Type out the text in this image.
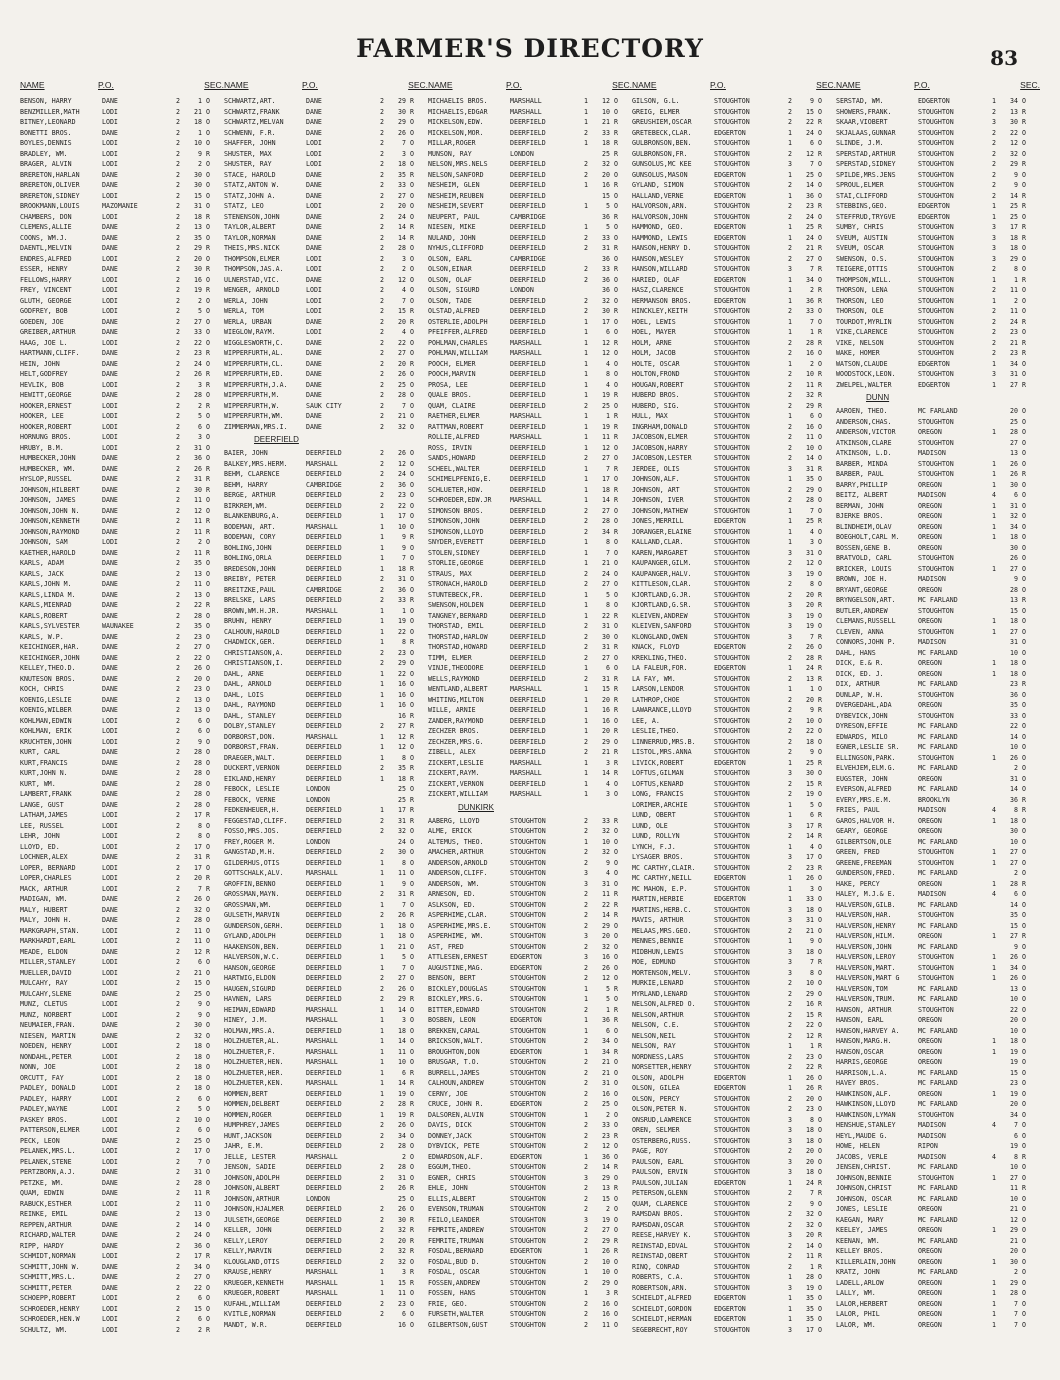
FARMER'S DIRECTORY	83
NAME	P.O.	SEC.
BENSON, HARRY	DANE	2	1 O
BENZMILLER,MATH	LODI	2	21 O
BITNEY,LEONARD	LODI	2	18 O
BONETTI BROS.	DANE	2	1 O
BOYLES,DENNIS	LODI	2	10 O
BRADLEY, WM.	LODI	2	9 R
BRAGER, ALVIN	LODI	2	2 O
BRERETON,HARLAN	DANE	2	30 O
BRERETON,OLIVER	DANE	2	30 O
BRERETON,SIDNEY	LODI	2	15 O
BROOKMANN,LOUIS	MAZOMANIE	2	31 O
CHAMBERS, DON	LODI	2	18 R
CLEMENS,ALLIE	DANE	2	13 O
COONS, WM.J.	DANE	2	35 O
DAENTL,MELVIN	DANE	2	29 R
ENDRES,ALFRED	LODI	2	20 O
ESSER, HENRY	DANE	2	30 R
FELLOWS,HARRY	LODI	2	16 O
FREY, VINCENT	LODI	2	19 R
GLUTH, GEORGE	LODI	2	2 O
GODFREY, BOB	LODI	2	5 O
GOEDEN, JOE	DANE	2	27 O
GREIBER,ARTHUR	DANE	2	33 O
HAAG, JOE L.	LODI	2	22 O
HARTMANN,CLIFF.	DANE	2	23 R
HEIN, JOHN	DANE	2	24 O
HELT,GODFREY	DANE	2	26 R
HEVLIK, BOB	LODI	2	3 R
HEWITT,GEORGE	DANE	2	28 O
HOOKER,ERNEST	LODI	2	2 R
HOOKER, LEE	LODI	2	5 O
HOOKER,ROBERT	LODI	2	6 O
HORNUNG BROS.	LODI	2	3 O
HRUBY, B.M.	LODI	2	31 O
HUMBECKER,JOHN	DANE	2	36 O
HUMBECKER, WM.	DANE	2	26 R
HYSLOP,RUSSEL	DANE	2	31 R
JOHNSON,HILBERT	DANE	2	30 R
JOHNSON, JAMES	DANE	2	11 O
JOHNSON,JOHN N.	DANE	2	12 O
JOHNSON,KENNETH	DANE	2	11 R
JOHNSON,RAYMOND	DANE	2	11 R
JOHNSON, SAM	LODI	2	2 O
KAETHER,HAROLD	DANE	2	11 R
KARLS, ADAM	DANE	2	35 O
KARLS, JACK	DANE	2	13 O
KARLS,JOHN M.	DANE	2	11 O
KARLS,LINDA M.	DANE	2	13 O
KARLS,MIENRAD	DANE	2	22 R
KARLS,ROBERT	DANE	2	28 O
KARLS,SYLVESTER	WAUNAKEE	2	35 O
KARLS, W.P.	DANE	2	23 O
KEICHINGER,HAR.	DANE	2	27 O
KEICHINGER,JOHN	DANE	2	22 O
KELLEY,THEO.D.	DANE	2	26 O
KNUTESON BROS.	DANE	2	20 O
KOCH, CHRIS	DANE	2	23 O
KOENIG,LESLIE	DANE	2	13 O
KOENIG,WILBER	DANE	2	13 O
KOHLMAN,EDWIN	LODI	2	6 O
KOHLMAN, ERIK	LODI	2	6 O
KRUCHTEN,JOHN	LODI	2	9 O
KURT, CARL	DANE	2	28 O
KURT,FRANCIS	DANE	2	28 O
KURT,JOHN N.	DANE	2	28 O
KURT, WM.	DANE	2	28 O
LAMBERT,FRANK	DANE	2	28 O
LANGE, GUST	DANE	2	28 O
LATHAM,JAMES	LODI	2	17 R
LEE, RUSSEL	LODI	2	8 O
LEHR, JOHN	LODI	2	8 O
LLOYD, ED.	LODI	2	17 O
LOCHNER,ALEX	DANE	2	31 R
LOPER, BERNARD	LODI	2	17 O
LOPER,CHARLES	LODI	2	20 R
MACK, ARTHUR	LODI	2	7 R
MADIGAN, WM.	DANE	2	26 O
MALY, HUBERT	DANE	2	32 O
MALY, JOHN H.	DANE	2	28 O
MARKGRAPH,STAN.	LODI	2	11 O
MARKHARDT,EARL	LODI	2	11 O
MEADE, ELDON	DANE	2	12 R
MILLER,STANLEY	LODI	2	6 O
MUELLER,DAVID	LODI	2	21 O
MULCAHY, RAY	LODI	2	15 O
MULCAHY,SLENE	DANE	2	25 O
MUNZ, CLETUS	LODI	2	9 O
MUNZ, NORBERT	LODI	2	9 O
NEUMAIER,FRAN.	DANE	2	30 O
NIESEN, MARTIN	DANE	2	32 O
NOEDEN, HENRY	LODI	2	18 O
NONDAHL,PETER	LODI	2	18 O
NONN, JOE	LODI	2	18 O
ORCUTT, FAY	LODI	2	18 O
PADLEY, DONALD	LODI	2	18 O
PADLEY, HARRY	LODI	2	6 O
PADLEY,WAYNE	LODI	2	5 O
PASKEY BROS.	LODI	2	10 O
PATTERSON,ELMER	LODI	2	6 O
PECK, LEON	DANE	2	25 O
PELANEK,MRS.L.	LODI	2	17 O
PELANEK,STENE	LODI	2	7 O
PERTZBORN,A.J.	DANE	2	31 O
PETZKE, WM.	DANE	2	28 O
QUAM, EDWIN	DANE	2	11 R
RABUCK,ESTHER	LODI	2	11 O
REINKE, EMIL	DANE	2	13 O
REPPEN,ARTHUR	DANE	2	14 O
RICHARD,WALTER	DANE	2	24 O
RIPP, HARDY	DANE	2	36 O
SCHMIDT,NORMAN	LODI	2	17 R
SCHMITT,JOHN W.	DANE	2	34 O
SCHMITT,MRS.L.	DANE	2	27 O
SCHMITT,PETER	DANE	2	22 O
SCHOEPP,ROBERT	LODI	2	6 O
SCHROEDER,HENRY	LODI	2	15 O
SCHROEDER,HEN.W	LODI	2	6 O
SCHULTZ, WM.	LODI	2	2 R
NAME	P.O.	SEC.
SCHWARTZ,ART.	DANE	2	29 R
SCHWARTZ,FRANK	DANE	2	30 R
SCHWARTZ,MELVAN	DANE	2	29 O
SCHWENN, F.R.	DANE	2	26 O
SHAFFER, JOHN	LODI	2	7 O
SHUSTER, MAX	LODI	2	3 O
SHUSTER, RAY	LODI	2	18 O
STACE, HAROLD	DANE	2	35 R
STATZ,ANTON W.	DANE	2	33 O
STATZ,JOHN A.	DANE	2	27 O
STATZ, LEO	LODI	2	20 O
STENENSON,JOHN	DANE	2	24 O
TAYLOR,ALBERT	DANE	2	14 R
TAYLOR,NORMAN	DANE	2	14 R
THEIS,MRS.NICK	DANE	2	28 O
THOMPSON,ELMER	LODI	2	3 O
THOMPSON,JAS.A.	LODI	2	2 O
ULNERSTAD,VIC.	DANE	2	12 O
WENGER, ARNOLD	LODI	2	4 O
WERLA, JOHN	LODI	2	7 O
WERLA, TOM	LODI	2	15 R
WERLA, URBAN	DANE	2	20 R
WIEGLOW,RAYM.	LODI	2	4 O
WIGGLESWORTH,C.	DANE	2	22 O
WIPPERFURTH,AL.	DANE	2	27 O
WIPPERFURTH,CL.	DANE	2	20 R
WIPPERFURTH,ED.	DANE	2	26 O
WIPPERFURTH,J.A.	DANE	2	25 O
WIPPERFURTH,M.	DANE	2	28 O
WIPPERFURTH,W.	SAUK CITY	2	7 O
WIPPERFURTH,WM.	DANE	2	21 O
ZIMMERMAN,MRS.I.	DANE	2	32 O
DEERFIELD
BAIER, JOHN	DEERFIELD	2	26 O
BALKEY,MRS.HERM.	MARSHALL	2	12 O
BEHM, CLARENCE	DEERFIELD	2	24 O
BEHM, HARRY	CAMBRIDGE	2	36 O
BERGE, ARTHUR	DEERFIELD	2	23 O
BIRKREM,WM.	DEERFIELD	2	22 O
BLANKENBURG,A.	DEERFIELD	1	17 O
BODEMAN, ART.	MARSHALL	1	10 O
BODEMAN, CORY	DEERFIELD	1	9 R
BOHLING,JOHN	DEERFIELD	1	9 O
BOHLING,ORLA	DEERFIELD	1	7 O
BREDESON,JOHN	DEERFIELD	1	18 R
BREIBY, PETER	DEERFIELD	2	31 O
BREITZKE,PAUL	CAMBRIDGE	2	36 O
BRELSKE, LARS	DEERFIELD	2	33 R
BROWN,WM.H.JR.	MARSHALL	1	1 O
BRUHN, HENRY	DEERFIELD	1	19 O
CALHOUN,HAROLD	DEERFIELD	1	22 O
CHADWICK,GER.	DEERFIELD	1	8 R
CHRISTIANSON,A.	DEERFIELD	2	23 O
CHRISTIANSON,I.	DEERFIELD	2	29 O
DAHL, ARNE	DEERFIELD	1	22 O
DAHL, ARNOLD	DEERFIELD	1	16 O
DAHL, LOIS	DEERFIELD	1	16 O
DAHL, RAYMOND	DEERFIELD	1	16 O
DAHL, STANLEY	DEERFIELD	16 R
DOLBY,STANLEY	DEERFIELD	2	27 R
DORBORST,DON.	MARSHALL	1	12 R
DORBORST,FRAN.	DEERFIELD	1	12 O
DRAEGER,WALT.	DEERFIELD	1	8 O
DUCKERT,VERNON	DEERFIELD	2	35 R
EIKLAND,HENRY	DEERFIELD	1	18 R
FEBOCK, LESLIE	LONDON	25 O
FEBOCK, VERNE	LONDON	25 R
FEDKENHEUER,H.	DEERFIELD	1	17 R
FEGGESTAD,CLIFF.	DEERFIELD	2	31 R
FOSSO,MRS.JOS.	DEERFIELD	2	32 O
FREY,ROGER M.	LONDON	24 O
GANGSTAD,M.H.	DEERFIELD	2	30 O
GILDERHUS,OTIS	DEERFIELD	1	8 O
GOTTSCHALK,ALV.	MARSHALL	1	11 O
GROFFIN,BENNO	DEERFIELD	1	9 O
GROSSMAN,MAYN.	DEERFIELD	2	31 R
GROSSMAN,WM.	DEERFIELD	1	7 O
GULSETH,MARVIN	DEERFIELD	2	26 R
GUNDERSON,GERH.	DEERFIELD	1	18 O
GYLAND,ADOLPH	DEERFIELD	1	18 O
HAAKENSON,BEN.	DEERFIELD	1	21 O
HALVERSON,W.C.	DEERFIELD	1	5 O
HANSON,GEORGE	DEERFIELD	1	7 O
HARTWIG,ELDON	DEERFIELD	2	27 O
HAUGEN,SIGURD	DEERFIELD	2	26 O
HAVNEN, LARS	DEERFIELD	2	29 R
HEIMAN,EDWARD	MARSHALL	1	14 O
HINEY, J.M.	MARSHALL	1	3 O
HOLMAN,MRS.A.	DEERFIELD	1	18 O
HOLZHUETER,AL.	MARSHALL	1	14 O
HOLZHUETER,F.	MARSHALL	1	11 O
HOLZHUETER,HEN.	MARSHALL	1	10 O
HOLZHUETER,HER.	DEERFIELD	1	6 R
HOLZHUETER,KEN.	MARSHALL	1	14 R
HOMMEN,BERT	DEERFIELD	1	19 O
HOMMEN,DELBERT	DEERFIELD	2	28 R
HOMMEN,ROGER	DEERFIELD	1	19 R
HUMPHREY,JAMES	DEERFIELD	2	26 O
HUNT,JACKSON	DEERFIELD	2	34 O
JAHR, E.M.	DEERFIELD	2	28 O
JELLE, LESTER	MARSHALL	2 O
JENSON, SADIE	DEERFIELD	2	28 O
JOHNSON,ADOLPH	DEERFIELD	2	31 O
JOHNSON,ALBERT	DEERFIELD	2	26 R
JOHNSON,ARTHUR	LONDON	25 O
JOHNSON,HJALMER	DEERFIELD	2	26 O
JULSETH,GEORGE	DEERFIELD	2	30 R
KELLER, JOHN	DEERFIELD	2	32 R
KELLY,LEROY	DEERFIELD	2	20 R
KELLY,MARVIN	DEERFIELD	2	32 R
KLOUGLAND,OTIS	DEERFIELD	2	32 O
KRAUSE,HENRY	MARSHALL	1	3 R
KRUEGER,KENNETH	MARSHALL	1	15 R
KRUEGER,ROBERT	MARSHALL	1	11 O
KUFAHL,WILLIAM	DEERFIELD	2	23 O
KVITLE,NORMAN	DEERFIELD	2	6 O
MANDT, W.R.	DEERFIELD	16 O
NAME	P.O.	SEC.
MICHAELIS BROS.	MARSHALL	1	12 O
MICHAELIS,EDGAR	MARSHALL	1	10 O
MICKELSON,EDW.	DEERFIELD	1	21 R
MICKELSON,MOR.	DEERFIELD	2	33 R
MILLAR,ROGER	DEERFIELD	1	18 R
MUNSON, RAY	LONDON	25 R
NELSON,MRS.NELS	DEERFIELD	2	32 O
NELSON,SANFORD	DEERFIELD	2	20 O
NESHEIM, GLEN	DEERFIELD	1	16 R
NESHEIM,REUBEN	DEERFIELD	15 O
NESHEIM,SEVERT	DEERFIELD	1	5 O
NEUPERT, PAUL	CAMBRIDGE	36 R
NIESEN, MIKE	DEERFIELD	1	5 O
NULAND, JOHN	DEERFIELD	2	33 O
NYHUS,CLIFFORD	DEERFIELD	2	31 R
OLSON, EARL	CAMBRIDGE	36 O
OLSON,EINAR	DEERFIELD	2	33 R
OLSON, OLAF	DEERFIELD	2	36 O
OLSON, SIGURD	LONDON	36 O
OLSON, TADE	DEERFIELD	2	32 O
OLSTAD,ALFRED	DEERFIELD	2	30 R
OSTERLIE,ADOLPH	DEERFIELD	1	17 O
PFEIFFER,ALFRED	DEERFIELD	1	6 O
POHLMAN,CHARLES	MARSHALL	1	12 R
POHLMAN,WILLIAM	MARSHALL	1	12 O
POOCH, ELMER	DEERFIELD	1	4 O
POOCH,MARVIN	DEERFIELD	1	8 O
PROSA, LEE	DEERFIELD	1	4 O
QUALE BROS.	DEERFIELD	1	19 R
QUAM, CLAIRE	DEERFIELD	2	25 O
RAETHER,ELMER	MARSHALL	1	1 R
RATTMAN,ROBERT	DEERFIELD	1	19 R
ROLLIE,ALFRED	MARSHALL	1	11 R
ROSS, IRVIN	DEERFIELD	1	12 O
SANDS,HOWARD	DEERFIELD	2	27 O
SCHEEL,WALTER	DEERFIELD	1	7 R
SCHIMELPFENIG,E.	DEERFIELD	1	17 O
SCHLUETER,HOW.	DEERFIELD	1	18 R
SCHROEDER,EDW.JR	MARSHALL	1	14 R
SIMONSON BROS.	DEERFIELD	2	27 O
SIMONSON,JOHN	DEERFIELD	2	28 O
SIMONSON,LLOYD	DEERFIELD	2	34 R
SNYDER,EVERETT	DEERFIELD	1	8 O
STOLEN,SIDNEY	DEERFIELD	1	7 O
STORLIE,GEORGE	DEERFIELD	1	21 O
STRAUS, MAX	DEERFIELD	2	24 O
STRONACH,HAROLD	DEERFIELD	2	27 O
STUNTEBECK,FR.	DEERFIELD	1	5 O
SWENSON,HOLDEN	DEERFIELD	1	8 O
TANGNEY,BERNARD	DEERFIELD	1	22 R
THORSTAD, EMIL	DEERFIELD	2	31 O
THORSTAD,HARLOW	DEERFIELD	2	30 O
THORSTAD,HOWARD	DEERFIELD	2	31 R
TIMM, ELMER	DEERFIELD	2	27 O
VINJE,THEODORE	DEERFIELD	1	6 O
WELLS,RAYMOND	DEERFIELD	2	31 R
WENTLAND,ALBERT	MARSHALL	1	15 R
WHITING,MILTON	DEERFIELD	1	20 R
WILLE, ARNIE	DEERFIELD	1	16 R
ZANDER,RAYMOND	DEERFIELD	1	16 O
ZECHZER BROS.	DEERFIELD	1	20 R
ZECHZER,MRS.G.	DEERFIELD	2	29 O
ZIBELL, ALEX	DEERFIELD	2	21 R
ZICKERT,LESLIE	MARSHALL	1	3 R
ZICKERT,RAYM.	MARSHALL	1	14 R
ZICKERT,VERNON	DEERFIELD	1	4 O
ZICKERT,WILLIAM	MARSHALL	1	3 O
DUNKIRK
AABERG, LLOYD	STOUGHTON	2	33 R
ALME, ERICK	STOUGHTON	2	32 O
ALTEMUS, THEO.	STOUGHTON	1	10 O
AMACHER,ARTHUR	STOUGHTON	2	32 O
ANDERSON,ARNOLD	STOUGHTON	2	9 O
ANDERSON,CLIFF.	STOUGHTON	3	4 O
ANDERSON, WM.	STOUGHTON	3	31 O
ARNESON, ED.	STOUGHTON	2	11 R
ASLKSON, ED.	STOUGHTON	2	22 R
ASPERHIME,CLAR.	STOUGHTON	2	14 R
ASPERHIME,MRS.E.	STOUGHTON	2	29 O
ASPERHIME, WM.	STOUGHTON	3	20 O
AST, FRED	STOUGHTON	2	32 O
ATTLESEN,ERNEST	EDGERTON	3	16 O
AUGUSTINE,MAG.	EDGERTON	2	26 O
BENSON, BERT	STOUGHTON	2	12 O
BICKLEY,DOUGLAS	STOUGHTON	1	5 R
BICKLEY,MRS.G.	STOUGHTON	1	5 O
BITTER,EDWARD	STOUGHTON	2	1 R
BOSBEN, LEON	EDGERTON	1	36 R
BREKKEN,CARAL	STOUGHTON	1	6 O
BRICKSON,WALT.	STOUGHTON	2	34 O
BROUGHTON,DON	EDGERTON	1	34 R
BRUSGAR, T.O.	STOUGHTON	2	21 O
BURRELL,JAMES	STOUGHTON	2	21 O
CALHOUN,ANDREW	STOUGHTON	2	31 O
CERNY, JOE	STOUGHTON	2	16 O
CRUCE, JOHN R.	EDGERTON	2	25 O
DALSOREN,ALVIN	STOUGHTON	1	2 O
DAVIS, DICK	STOUGHTON	2	33 O
DONNEY,JACK	STOUGHTON	2	23 R
DYBVICK, PETE	STOUGHTON	2	12 O
EDWARDSON,ALF.	EDGERTON	1	36 O
EGGUM,THEO.	STOUGHTON	2	14 R
EGNER, CHRIS	STOUGHTON	3	29 O
EHLE, JOHN	STOUGHTON	2	13 R
ELLIS,ALBERT	STOUGHTON	2	15 O
EVENSON,TRUMAN	STOUGHTON	2	2 O
FEILO,LEANDER	STOUGHTON	3	19 O
FEMRITE,ANDREW	STOUGHTON	2	27 O
FEMRITE,TRUMAN	STOUGHTON	2	29 R
FOSDAL,BERNARD	EDGERTON	1	26 R
FOSDAL,BUD D.	STOUGHTON	2	10 O
FOSDAL, OSCAR	STOUGHTON	1	10 O
FOSSEN,ANDREW	STOUGHTON	2	29 O
FOSSEN, HANS	STOUGHTON	1	3 R
FRIE, GEO.	STOUGHTON	2	16 O
FURSETH,WALTER	STOUGHTON	2	16 O
GILBERTSON,GUST	STOUGHTON	2	11 O
NAME	P.O.	SEC.
GILSON, G.L.	STOUGHTON	2	9 O
GREIG, ELMER	STOUGHTON	2	15 O
GREUSHIEM,OSCAR	STOUGHTON	2	22 R
GRETEBECK,CLAR.	EDGERTON	1	24 O
GULBRONSON,BEN.	STOUGHTON	1	6 O
GULBRONSON,FR.	STOUGHTON	2	12 R
GUNSOLUS,MC KEE	STOUGHTON	3	7 O
GUNSOLUS,MASON	EDGERTON	1	25 O
GYLAND, SIMON	STOUGHTON	2	14 O
HALLAND,VERNE	EDGERTON	1	36 O
HALVORSON,ARN.	STOUGHTON	2	23 R
HALVORSON,JOHN	STOUGHTON	2	24 O
HAMMOND, GEO.	EDGERTON	1	25 R
HAMMOND, LEWIS	EDGERTON	1	24 O
HANSON,HENRY D.	STOUGHTON	2	21 R
HANSON,WESLEY	STOUGHTON	2	27 O
HANSON,WILLARD	STOUGHTON	3	7 R
HARIED, OLAF	EDGERTON	1	34 O
HASZ,CLARENCE	STOUGHTON	1	2 R
HERMANSON BROS.	EDGERTON	1	36 R
HINCKLEY,KEITH	STOUGHTON	2	33 O
HOEL, LEWIS	STOUGHTON	1	7 O
HOEL, MAYER	STOUGHTON	1	1 R
HOLM, ARNE	STOUGHTON	2	28 R
HOLM, JACOB	STOUGHTON	2	16 O
HOLTE, OSCAR	STOUGHTON	1	2 O
HOLTON,FROND	STOUGHTON	2	10 R
HOUGAN,ROBERT	STOUGHTON	2	11 R
HUBERD BROS.	STOUGHTON	2	32 R
HUBERD, SIG.	STOUGHTON	2	29 R
HULL, MAX	STOUGHTON	1	6 O
INGRHAM,DONALD	STOUGHTON	2	16 O
JACOBSON,ELMER	STOUGHTON	2	11 O
JACOBSON,HARRY	STOUGHTON	2	10 O
JACOBSON,LESTER	STOUGHTON	2	14 O
JERDEE, OLIS	STOUGHTON	3	31 R
JOHNSON,ALF.	STOUGHTON	1	35 O
JOHNSON, ART	STOUGHTON	2	29 O
JOHNSON, IVER	STOUGHTON	2	28 O
JOHNSON,MATHEW	STOUGHTON	1	7 O
JONES,MERRILL	EDGERTON	1	25 R
JORANGER,ELAINE	STOUGHTON	1	4 O
KALLAND,CLAR.	STOUGHTON	1	3 O
KAREN,MARGARET	STOUGHTON	3	31 O
KAUPANGER,GILM.	STOUGHTON	2	12 O
KAUPANGER,HALV.	STOUGHTON	3	19 O
KITTLESON,CLAR.	STOUGHTON	2	8 O
KJORTLAND,G.JR.	STOUGHTON	2	20 R
KJORTLAND,G.SR.	STOUGHTON	3	20 R
KLEIVEN,ANDREW	STOUGHTON	3	19 O
KLEIVEN,SANFORD	STOUGHTON	3	19 O
KLONGLAND,OWEN	STOUGHTON	3	7 R
KNACK, FLOYD	EDGERTON	2	26 O
KREKLING,THEO.	STOUGHTON	2	28 R
LA FALEUR,FOR.	EDGERTON	1	24 R
LA FAY, WM.	STOUGHTON	2	13 R
LARSON,LENDOR	STOUGHTON	1	1 O
LATHROP,CHOE	STOUGHTON	2	20 R
LAWARANCE,LLOYD	STOUGHTON	2	9 R
LEE, A.	STOUGHTON	2	10 O
LESLIE,THEO.	STOUGHTON	2	22 O
LINNERRUD,MRS.B.	STOUGHTON	2	18 O
LISTOL,MRS.ANNA	STOUGHTON	2	9 O
LIVICK,ROBERT	EDGERTON	1	25 R
LOFTUS,GILMAN	STOUGHTON	3	30 O
LOFTUS,KENARD	STOUGHTON	2	15 R
LONG, FRANCIS	STOUGHTON	2	19 O
LORIMER,ARCHIE	STOUGHTON	1	5 O
LUND, OBERT	STOUGHTON	1	6 R
LUND, OLE	STOUGHTON	3	17 R
LUND, ROLLYN	STOUGHTON	2	14 R
LYNCH, F.J.	STOUGHTON	1	4 O
LYSAGER BROS.	STOUGHTON	3	17 O
MC CARTHY,CLAIR.	STOUGHTON	2	23 R
MC CARTHY,NEILL	EDGERTON	1	26 O
MC MAHON, E.P.	STOUGHTON	1	3 O
MARTIN,HERBIE	EDGERTON	1	33 O
MARTINS,HERB.C.	STOUGHTON	3	18 O
MAVIS, ARTHUR	STOUGHTON	3	31 O
MELAAS,MRS.GEO.	STOUGHTON	2	21 O
MENNES,BENNIE	STOUGHTON	1	9 O
MIDBHUN,LEWIS	STOUGHTON	3	18 O
MOE, EDMUND	STOUGHTON	3	7 R
MORTENSON,MELV.	STOUGHTON	3	8 O
MURKIE,LENARD	STOUGHTON	2	10 O
MYRLAND,LENARD	STOUGHTON	2	29 O
NELSON,ALFRED O.	STOUGHTON	2	16 R
NELSON,ARTHUR	STOUGHTON	2	15 R
NELSON, C.E.	STOUGHTON	2	22 O
NELSON,NEIL	STOUGHTON	2	12 R
NELSON, RAY	STOUGHTON	1	1 R
NORDNESS,LARS	STOUGHTON	2	23 O
NORSETTER,HENRY	STOUGHTON	2	22 R
OLSON, ADOLPH	EDGERTON	1	26 O
OLSON, GILEA	EDGERTON	1	26 R
OLSON, PERCY	STOUGHTON	2	20 O
OLSON,PETER N.	STOUGHTON	2	23 O
ONSRUD,LAWRENCE	STOUGHTON	3	8 O
OREN, SELMER	STOUGHTON	3	18 O
OSTERBERG,RUSS.	STOUGHTON	3	18 O
PAGE, ROY	STOUGHTON	2	20 O
PAULSON, EARL	STOUGHTON	3	20 O
PAULSON, ERVIN	STOUGHTON	3	18 O
PAULSON,JULIAN	EDGERTON	1	24 R
PETERSON,GLENN	STOUGHTON	2	7 R
QUAM, CLARENCE	STOUGHTON	2	9 O
RAMSDAN BROS.	STOUGHTON	2	32 O
RAMSDAN,OSCAR	STOUGHTON	2	32 O
REESE,HARVEY K.	STOUGHTON	3	20 R
REINSTAD,EDVAL	STOUGHTON	2	14 O
REINSTAD,OBERT	STOUGHTON	2	11 R
RINQ, CONRAD	STOUGHTON	2	1 R
ROBERTS, C.A.	STOUGHTON	1	28 O
ROBERTSON,ARN.	STOUGHTON	3	19 O
SCHIELDT,ALFRED	EDGERTON	1	35 O
SCHIELDT,GORDON	EDGERTON	1	35 O
SCHIELDT,HERMAN	EDGERTON	1	35 O
SEGEBRECHT,ROY	STOUGHTON	3	17 O
NAME	P.O.	SEC.
SERSTAD, WM.	EDGERTON	1	34 O
SHOWERS,FRANK.	STOUGHTON	2	13 R
SKAAR,VIOBERT	STOUGHTON	3	30 R
SKJALAAS,GUNNAR	STOUGHTON	2	22 O
SLINDE, J.M.	STOUGHTON	2	12 O
SPERSTAD,ARTHUR	STOUGHTON	2	32 O
SPERSTAD,SIDNEY	STOUGHTON	2	29 R
SPILDE,MRS.JENS	STOUGHTON	2	9 O
SPROUL,ELMER	STOUGHTON	2	9 O
STAI,CLIFFORD	STOUGHTON	2	14 R
STEBBINS,GEO.	EDGERTON	1	25 R
STEFFRUD,TRYGVE	EDGERTON	1	25 O
SUMBY, CHRIS	STOUGHTON	3	17 R
SVEUM, AUSTIN	STOUGHTON	3	18 R
SVEUM, OSCAR	STOUGHTON	3	18 O
SWENSON, O.S.	STOUGHTON	3	29 O
TEIGERE,OTTIS	STOUGHTON	2	8 O
THOMPSON,WILL.	STOUGHTON	1	1 R
THORSON, LENA	STOUGHTON	2	11 O
THORSON, LEO	STOUGHTON	1	2 O
THORSON, OLE	STOUGHTON	2	11 O
TOURDOT,MYRLIN	STOUGHTON	2	24 R
VIKE,CLARENCE	STOUGHTON	2	23 O
VIKE, NELSON	STOUGHTON	2	21 R
WAKE, HOMER	STOUGHTON	2	23 R
WATSON,CLAUDE	EDGERTON	1	34 O
WOODSTOCK,LEON.	STOUGHTON	3	31 O
ZWELPEL,WALTER	EDGERTON	1	27 R
DUNN
AAROEN, THEO.	MC FARLAND	20 O
ANDERSON,CHAS.	STOUGHTON	25 O
ANDERSON,VICTOR	OREGON	1	28 O
ATKINSON,CLARE	STOUGHTON	27 O
ATKINSON, L.D.	MADISON	13 O
BARBER, MINDA	STOUGHTON	1	26 O
BARBER, PAUL	STOUGHTON	1	26 R
BARRY,PHILLIP	OREGON	1	30 O
BEITZ, ALBERT	MADISON	4	6 O
BERMAN, JOHN	OREGON	1	31 O
BJERKE BROS.	OREGON	1	32 O
BLINDHEIM,OLAV	OREGON	1	34 O
BOEGHOLT,CARL M.	OREGON	1	18 O
BOSSEN,GENE B.	OREGON	30 O
BRATVOLD, CARL	STOUGHTON	26 O
BRICKER, LOUIS	STOUGHTON	1	27 O
BROWN, JOE H.	MADISON	9 O
BRYANT,GEORGE	OREGON	28 O
BRYNGELSON,ART.	MC FARLAND	13 R
BUTLER,ANDREW	STOUGHTON	15 O
CLEMANS,RUSSELL	OREGON	1	18 O
CLEVEN, ANNA	STOUGHTON	1	27 O
CONNORS,JOHN P.	MADISON	31 O
DAHL, HANS	MC FARLAND	10 O
DICK, E.& R.	OREGON	1	18 O
DICK, ED. J.	OREGON	1	18 O
DIX, ARTHUR	MC FARLAND	23 R
DUNLAP, W.H.	STOUGHTON	36 O
DVERGEDAHL,ADA	OREGON	35 O
DYBEVICK,JOHN	STOUGHTON	33 O
DYRESON,EFFIE	MC FARLAND	22 O
EDWARDS, MILO	MC FARLAND	14 O
EGNER,LESLIE SR.	MC FARLAND	10 O
ELLINGSON,PARK.	STOUGHTON	1	26 O
ELVEHJEM,ELM.G.	MC FARLAND	2 O
EUGSTER, JOHN	OREGON	31 O
EVERSON,ALFRED	MC FARLAND	14 O
EVERY,MRS.E.M.	BROOKLYN	36 R
FRIES, PAUL	MADISON	4	8 R
GAROS,HALVOR H.	OREGON	1	18 O
GEARY, GEORGE	OREGON	30 O
GILBERTSON,OLE	MC FARLAND	10 O
GREEN, FRED	STOUGHTON	1	27 O
GREENE,FREEMAN	STOUGHTON	1	27 O
GUNDERSON,FRED.	MC FARLAND	2 O
HAKE, PERCY	OREGON	1	28 R
HALEY, M.J.& E.	MADISON	4	6 O
HALVERSON,GILB.	MC FARLAND	14 O
HALVERSON,HAR.	STOUGHTON	35 O
HALVERSON,HENRY	MC FARLAND	15 O
HALVERSON,HILM.	OREGON	1	27 R
HALVERSON,JOHN	MC FARLAND	9 O
HALVERSON,LEROY	STOUGHTON	1	26 O
HALVERSON,MART.	STOUGHTON	1	34 O
HALVERSON,MART G	STOUGHTON	1	26 O
HALVERSON,TOM	MC FARLAND	13 O
HALVERSON,TRUM.	MC FARLAND	10 O
HANSON, ARTHUR	STOUGHTON	22 O
HANSON, EARL	OREGON	20 O
HANSON,HARVEY A.	MC FARLAND	10 O
HANSON,MARG.H.	OREGON	1	18 O
HANSON,OSCAR	OREGON	1	19 O
HARRIS,GEORGE	OREGON	19 O
HARRISON,L.A.	MC FARLAND	15 O
HAVEY BROS.	MC FARLAND	23 O
HAWKINSON,ALF.	OREGON	1	19 O
HAWKINSON,LLOYD	MC FARLAND	20 O
HAWKINSON,LYMAN	STOUGHTON	34 O
HENSHUE,STANLEY	MADISON	4	7 O
HEYL,MAUDE G.	MADISON	6 O
HOWE, HELEN	RIPON	19 O
JACOBS, VERLE	MADISON	4	8 R
JENSEN,CHRIST.	MC FARLAND	10 O
JOHNSON,BENNIE	STOUGHTON	1	27 O
JOHNSON,CHRIST	MC FARLAND	11 R
JOHNSON, OSCAR	MC FARLAND	10 O
JONES, LESLIE	OREGON	21 O
KAEGAN, MARY	MC FARLAND	12 O
KEELEY, JAMES	OREGON	1	29 O
KEENAN, WM.	MC FARLAND	21 O
KELLEY BROS.	OREGON	20 O
KILLERLAIN,JOHN	OREGON	1	30 O
KRATZ, JOHN	MC FARLAND	2 O
LADELL,ARLOW	OREGON	1	29 O
LALLY, WM.	OREGON	1	28 O
LALOR,HERBERT	OREGON	1	7 O
LALOR, PHIL	OREGON	1	7 O
LALOR, WM.	OREGON	1	7 O
